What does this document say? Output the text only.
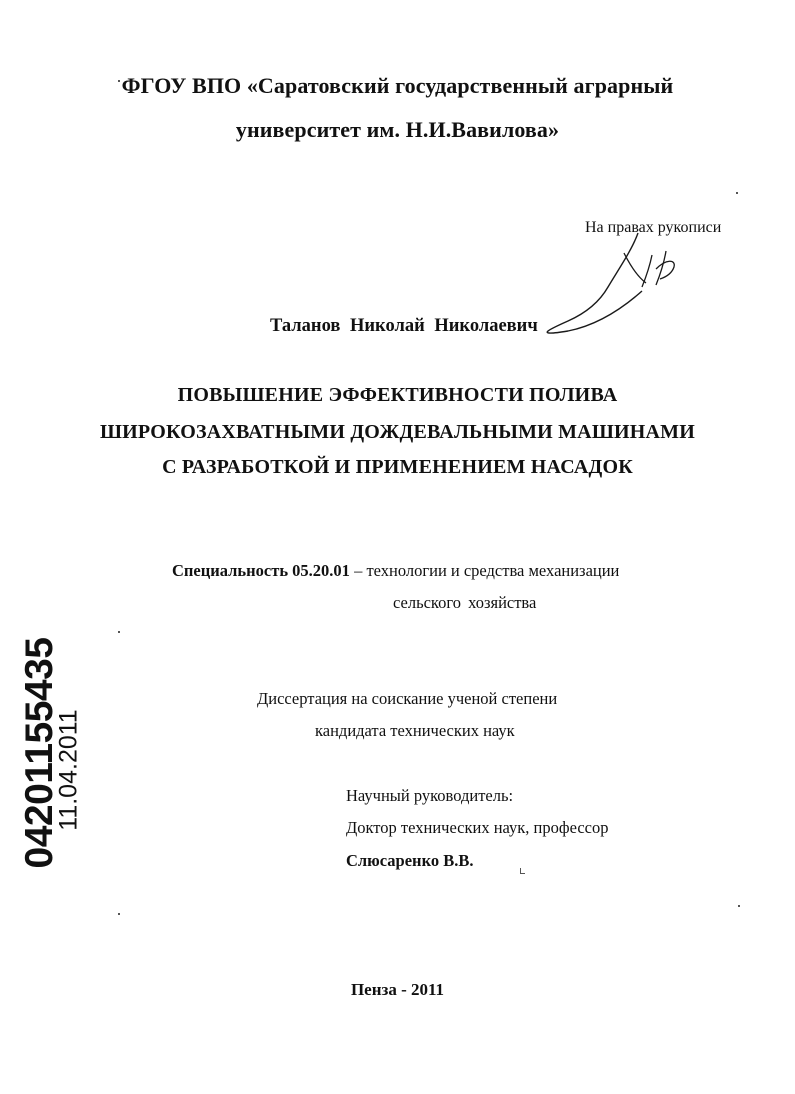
ФГОУ ВПО «Саратовский государственный аграрный
университет им. Н.И.Вавилова»
На правах рукописи
Таланов Николай Николаевич
ПОВЫШЕНИЕ ЭФФЕКТИВНОСТИ ПОЛИВА
ШИРОКОЗАХВАТНЫМИ ДОЖДЕВАЛЬНЫМИ МАШИНАМИ
С РАЗРАБОТКОЙ И ПРИМЕНЕНИЕМ НАСАДОК
Специальность 05.20.01 – технологии и средства механизации
сельского хозяйства
Диссертация на соискание ученой степени
кандидата технических наук
Научный руководитель:
Доктор технических наук, профессор
Слюсаренко В.В.
Пенза - 2011
04201155435
11.04.2011
